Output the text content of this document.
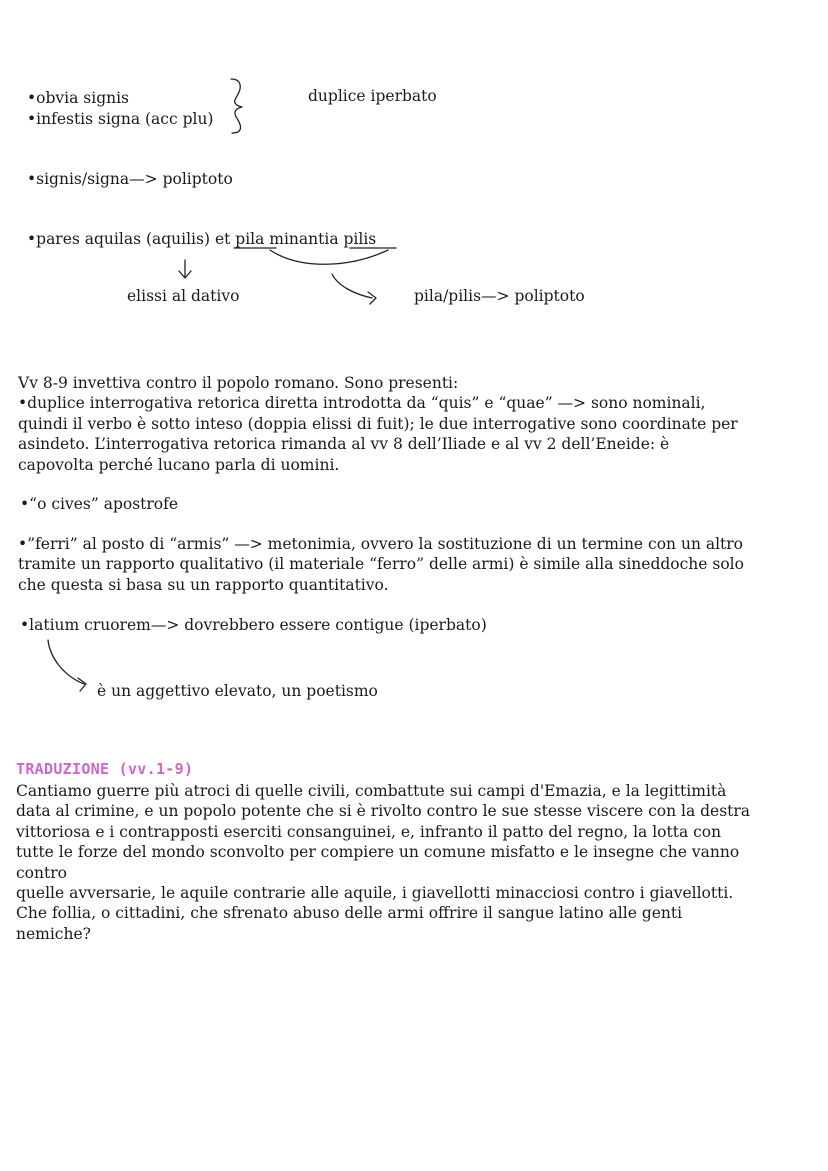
•obvia signis
•infestis signa (acc plu)
duplice iperbato
•signis/signa—> poliptoto
•pares aquilas (aquilis) et pila minantia pilis
elissi al dativo	pila/pilis—> poliptoto
Vv 8-9 invettiva contro il popolo romano. Sono presenti:
•duplice interrogativa retorica diretta introdotta da “quis” e “quae” —> sono nominali,
quindi il verbo è sotto inteso (doppia elissi di fuit); le due interrogative sono coordinate per
asindeto. L’interrogativa retorica rimanda al vv 8 dell’Iliade e al vv 2 dell’Eneide: è
capovolta perché lucano parla di uomini.
•“o cives” apostrofe
•”ferri” al posto di “armis” —> metonimia, ovvero la sostituzione di un termine con un altro
tramite un rapporto qualitativo (il materiale “ferro” delle armi) è simile alla sineddoche solo
che questa si basa su un rapporto quantitativo.
•latium cruorem—> dovrebbero essere contigue (iperbato)
è un aggettivo elevato, un poetismo
TRADUZIONE (vv.1-9)
Cantiamo guerre più atroci di quelle civili, combattute sui campi d'Emazia, e la legittimità
data al crimine, e un popolo potente che si è rivolto contro le sue stesse viscere con la destra
vittoriosa e i contrapposti eserciti consanguinei, e, infranto il patto del regno, la lotta con
tutte le forze del mondo sconvolto per compiere un comune misfatto e le insegne che vanno
contro
quelle avversarie, le aquile contrarie alle aquile, i giavellotti minacciosi contro i giavellotti.
Che follia, o cittadini, che sfrenato abuso delle armi offrire il sangue latino alle genti
nemiche?
